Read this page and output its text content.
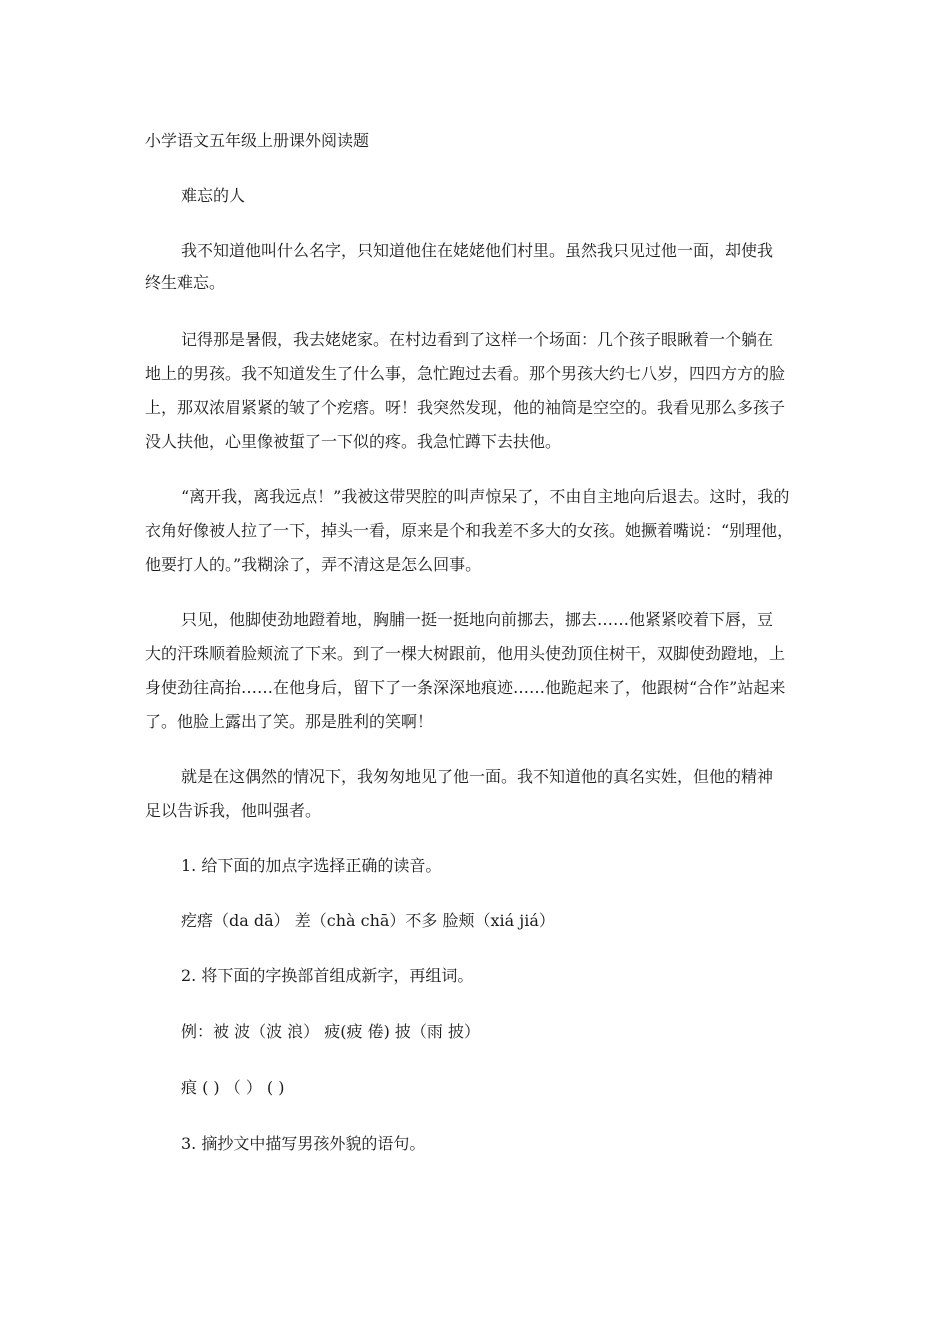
小学语文五年级上册课外阅读题
难忘的人
我不知道他叫什么名字，只知道他住在姥姥他们村里。虽然我只见过他一面，却使我
终生难忘。
记得那是暑假，我去姥姥家。在村边看到了这样一个场面：几个孩子眼瞅着一个躺在
地上的男孩。我不知道发生了什么事，急忙跑过去看。那个男孩大约七八岁，四四方方的脸
上，那双浓眉紧紧的皱了个疙瘩。呀！我突然发现，他的袖筒是空空的。我看见那么多孩子
没人扶他，心里像被蜇了一下似的疼。我急忙蹲下去扶他。
“离开我，离我远点！”我被这带哭腔的叫声惊呆了，不由自主地向后退去。这时，我的
衣角好像被人拉了一下，掉头一看，原来是个和我差不多大的女孩。她撅着嘴说：“别理他，
他要打人的。”我糊涂了，弄不清这是怎么回事。
只见，他脚使劲地蹬着地，胸脯一挺一挺地向前挪去，挪去……他紧紧咬着下唇，豆
大的汗珠顺着脸颊流了下来。到了一棵大树跟前，他用头使劲顶住树干，双脚使劲蹬地，上
身使劲往高抬……在他身后，留下了一条深深地痕迹……他跪起来了，他跟树“合作”站起来
了。他脸上露出了笑。那是胜利的笑啊！
就是在这偶然的情况下，我匆匆地见了他一面。我不知道他的真名实姓，但他的精神
足以告诉我，他叫强者。
1. 给下面的加点字选择正确的读音。
疙瘩（da dā） 差（chà chā）不多 脸颊（xiá jiá）
2. 将下面的字换部首组成新字，再组词。
例：被 波（波 浪） 疲(疲 倦) 披（雨 披）
痕 ( ) （ ） ( )
3. 摘抄文中描写男孩外貌的语句。
